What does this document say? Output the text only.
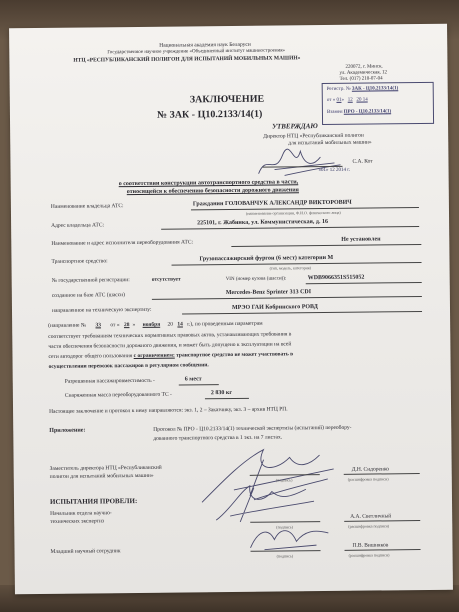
Национальная академия наук Беларуси
Государственное научное учреждение «Объединенный институт машиностроения»
НТЦ «РЕСПУБЛИКАНСКИЙ ПОЛИГОН ДЛЯ ИСПЫТАНИЙ МОБИЛЬНЫХ МАШИН»
220072, г. Минск,
ул. Академическая, 12
Тел. (017) 210-07-04
Регистр. № ЗАК - Ц10.2133/14(1)
от « 01»   12 20 14
Взамен ПРО - Ц10.2133/14(1)
ЗАКЛЮЧЕНИЕ
№ ЗАК - Ц10.2133/14(1)
УТВЕРЖДАЮ
Директор НТЦ «Республиканский полигон
для испытаний мобильных машин»
С.А. Кот
«01» 12 2014 г.
о соответствии конструкции автотранспортного средства в части,
относящейся к обеспечению безопасности дорожного движения
Наименование владельца АТС:	Гражданин ГОЛОВАНЧУК АЛЕКСАНДР ВИКТОРОВИЧ
(наименование организации, Ф.И.О. физического лица)
Адрес владельца АТС:	225101, г. Жабинка, ул. Коммунистическая, д. 16
Наименование и адрес исполнителя переоборудования АТС:	Не установлен
Транспортное средство:	Грузопассажирский фургон (6 мест) категории М
(тип, модель, категория)
№ государственной регистрации:	отсутствует	VIN (номер кузова (шасси)):	WDB9066351S515052
созданное на базе АТС (шасси)	Mercedes-Benz Sprinter 313 CDI
направленное на техническую экспертизу:	МРЭО ГАИ Кобринского РОВД
(направление № 33 от « 28 » ноября 20 14 г.), по проведенным параметрам
соответствует требованиям технических нормативных правовых актов, устанавливающих требования в
части обеспечения безопасности дорожного движения, и может быть допущено к эксплуатации на всей
сети автодорог общего пользования с ограничением: транспортное средство не может участвовать в
осуществлении перевозок пассажиров в регулярном сообщении.
Разрешенная пассажировместимость -	6 мест
Снаряженная масса переоборудованного ТС -	2 830 кг
Настоящее заключение и протокол к нему направляются: экз. 1, 2 – Заказчику, экз. 3 – архив НТЦ РП.
Приложение:	Протокол № ПРО - Ц10.2133/14(1) технической экспертизы (испытаний) переобору-
дованного транспортного средства в 1 экз. на 7 листах.
Заместитель директора НТЦ «Республиканский
полигон для испытаний мобильных машин»
(подпись)
Д.Н. Сидоренко
(расшифровка подписи)
ИСПЫТАНИЯ ПРОВЕЛИ:
Начальник отдела научно-
технических экспертиз
(подпись)
А.А. Светличный
(расшифровка подписи)
Младший научный сотрудник
(подпись)
П.В. Вишняков
(расшифровка подписи)
